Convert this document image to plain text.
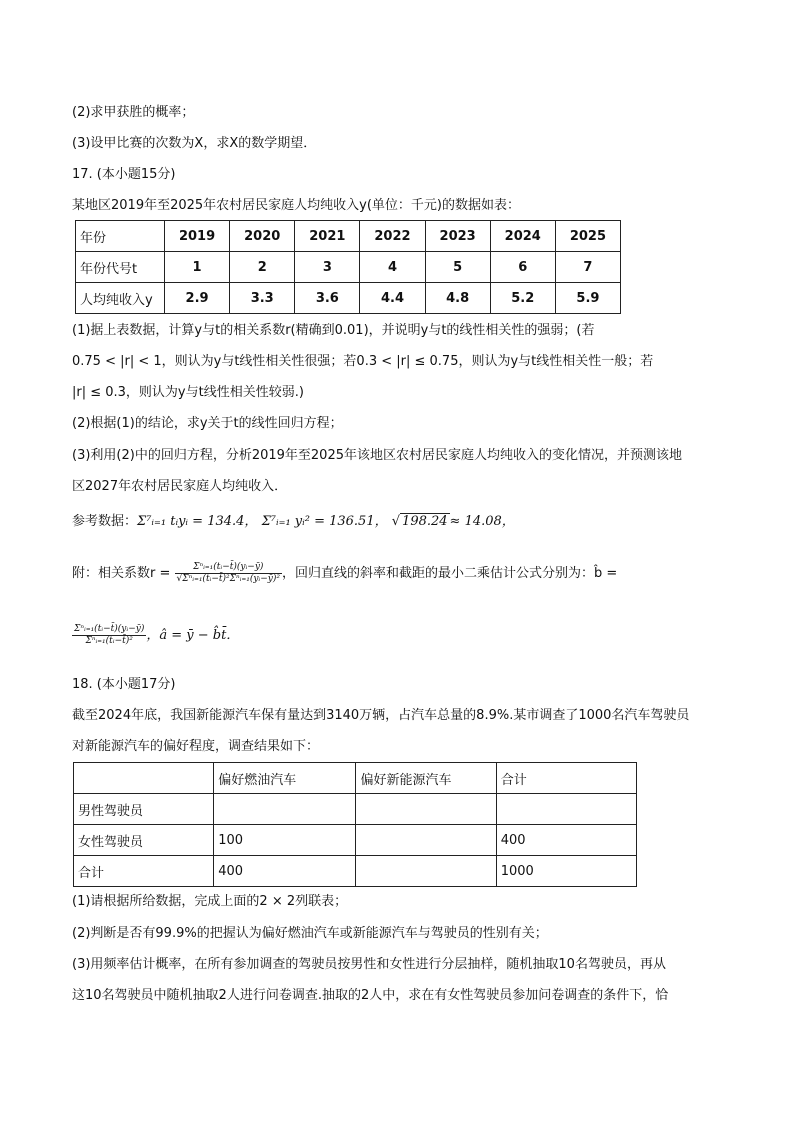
(2)求甲获胜的概率；
(3)设甲比赛的次数为X，求X的数学期望．
17. (本小题15分)
某地区2019年至2025年农村居民家庭人均纯收入y(单位：千元)的数据如表：
年份	2019	2020	2021	2022	2023	2024	2025
年份代号t	1	2	3	4	5	6	7
人均纯收入y	2.9	3.3	3.6	4.4	4.8	5.2	5.9
(1)据上表数据，计算y与t的相关系数r(精确到0.01)，并说明y与t的线性相关性的强弱；(若
0.75 < |r| < 1，则认为y与t线性相关性很强；若0.3 < |r| ≤ 0.75，则认为y与t线性相关性一般；若
|r| ≤ 0.3，则认为y与t线性相关性较弱.)
(2)根据(1)的结论，求y关于t的线性回归方程；
(3)利用(2)中的回归方程，分析2019年至2025年该地区农村居民家庭人均纯收入的变化情况，并预测该地
区2027年农村居民家庭人均纯收入．
参考数据：Σ⁷ᵢ₌₁ tᵢyᵢ = 134.4， Σ⁷ᵢ₌₁ yᵢ² = 136.51， √ 198.24 ≈ 14.08，
附：相关系数$r = \frac{\text{Σⁿᵢ₌₁(tᵢ−t̄)(yᵢ−ȳ)}}{\text{√Σⁿᵢ₌₁(tᵢ−t̄)²Σⁿᵢ₌₁(yᵢ−ȳ)²}}$ ，回归直线的斜率和截距的最小二乘估计公式分别为：b̂ =
$\frac{\text{Σⁿᵢ₌₁(tᵢ−t̄)(yᵢ−ȳ)}}{\text{Σⁿᵢ₌₁(tᵢ−t̄)²}}$ ，â = ȳ − b̂t̄．
18. (本小题17分)
截至2024年底，我国新能源汽车保有量达到3140万辆，占汽车总量的8.9%.某市调查了1000名汽车驾驶员
对新能源汽车的偏好程度，调查结果如下：
	偏好燃油汽车	偏好新能源汽车	合计
男性驾驶员			
女性驾驶员	100		400
合计	400		1000
(1)请根据所给数据，完成上面的2 × 2列联表；
(2)判断是否有99.9%的把握认为偏好燃油汽车或新能源汽车与驾驶员的性别有关；
(3)用频率估计概率，在所有参加调查的驾驶员按男性和女性进行分层抽样，随机抽取10名驾驶员，再从
这10名驾驶员中随机抽取2人进行问卷调查.抽取的2人中，求在有女性驾驶员参加问卷调查的条件下，恰
